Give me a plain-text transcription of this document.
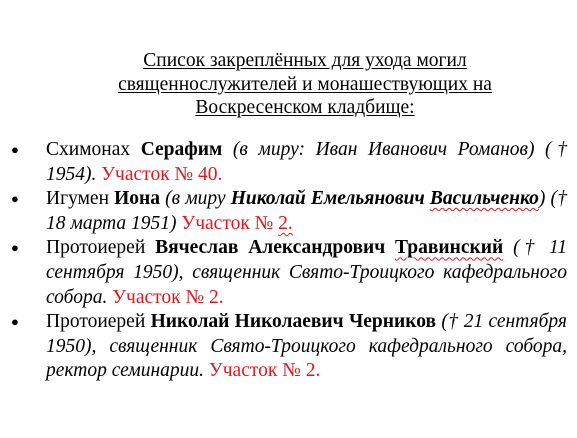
Список закреплённых для ухода могил
священнослужителей и монашествующих на
Воскресенском кладбище:
● Схимонах Серафим (в миру: Иван Иванович Романов) († 1954). Участок № 40.
● Игумен Иона (в миру Николай Емельянович Васильченко) († 18 марта 1951) Участок № 2.
● Протоиерей Вячеслав Александрович Травинский († 11 сентября 1950), священник Свято-Троицкого кафедрального собора. Участок № 2.
● Протоиерей Николай Николаевич Черников († 21 сентября 1950), священник Свято-Троицкого кафедрального собора, ректор семинарии. Участок № 2.
